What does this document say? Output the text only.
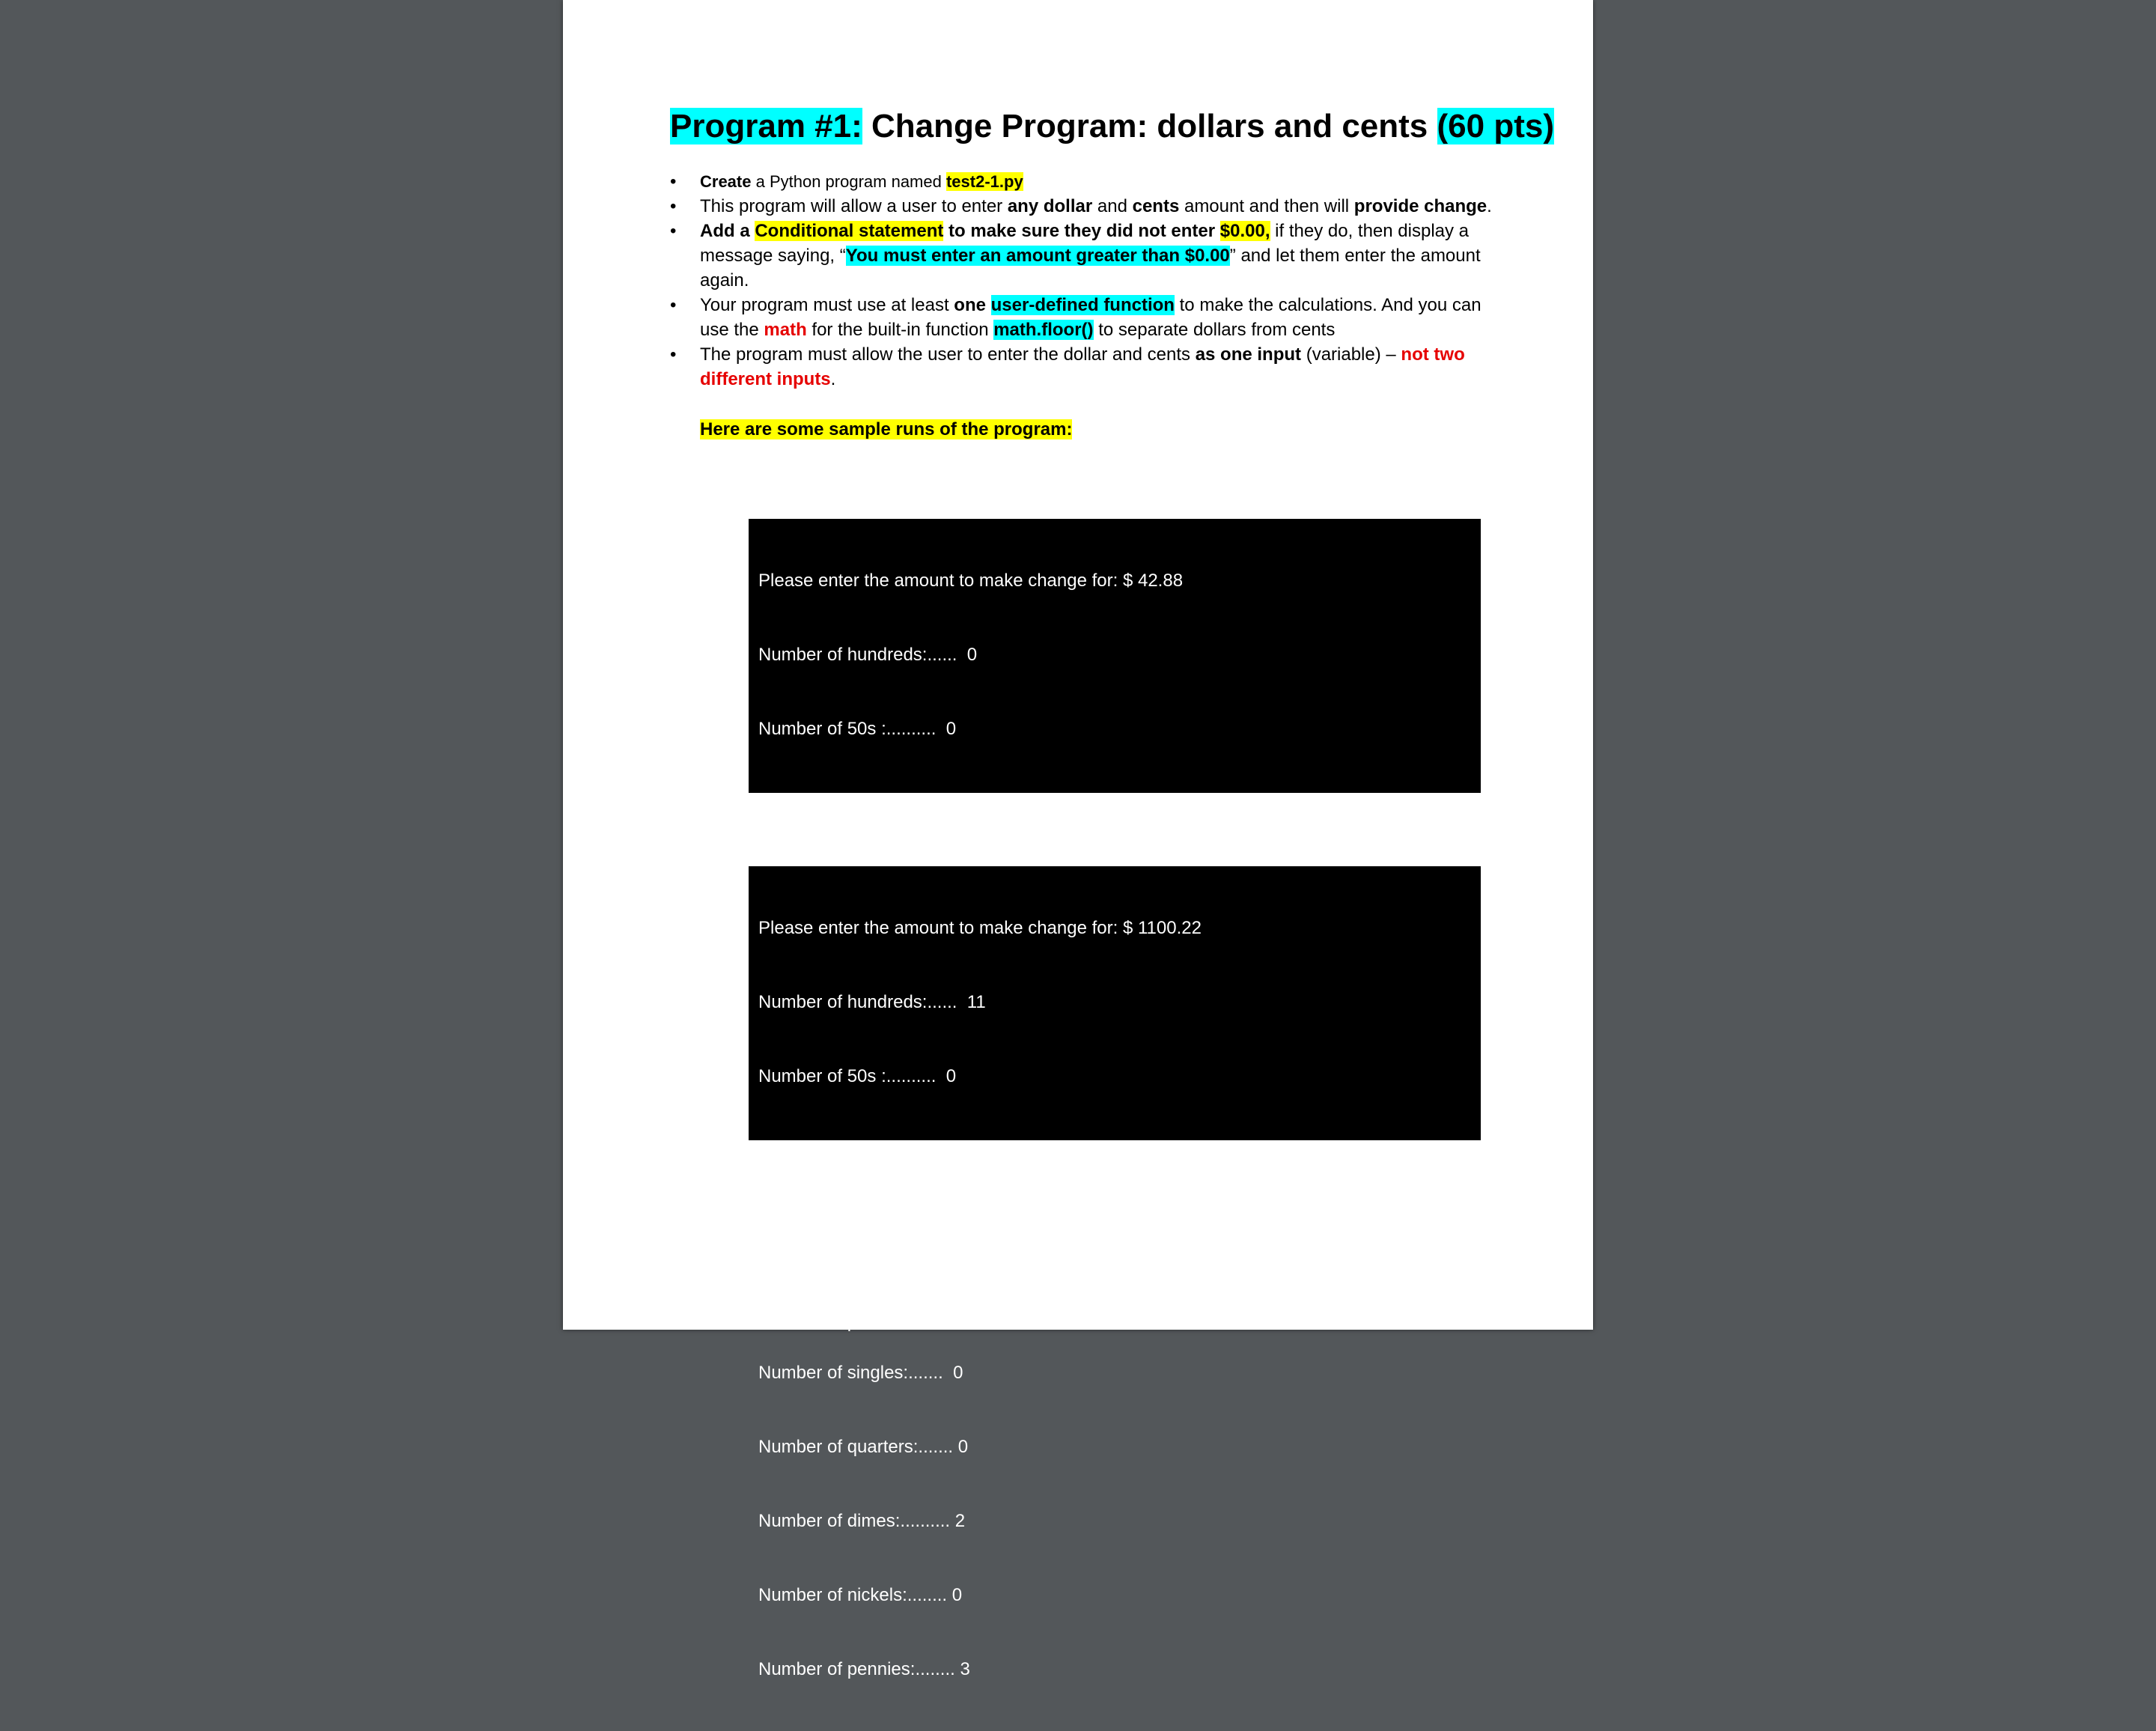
Program #1: Change Program: dollars and cents (60 pts)
• Create a Python program named test2-1.py
• This program will allow a user to enter any dollar and cents amount and then will provide change.
• Add a Conditional statement to make sure they did not enter $0.00, if they do, then display a message saying, “You must enter an amount greater than $0.00” and let them enter the amount again.
• Your program must use at least one user-defined function to make the calculations. And you can use the math for the built-in function math.floor() to separate dollars from cents
• The program must allow the user to enter the dollar and cents as one input (variable) – not two different inputs.
Here are some sample runs of the program:

Please enter the amount to make change for: $ 42.88

Number of hundreds:......  0

Number of 50s :..........  0

Number of 20s:...........  2

Number of dimes:.......... 1

Number of nickels:........ 0

Number of pennies:........ 4

Please enter the amount to make change for: $ 1100.22

Number of hundreds:......  11

Number of 50s :..........  0

Number of 20s:...........  0

Number of tens:..........  0

Number of fives:.........  0

Number of singles:.......  0

Number of quarters:....... 0

Number of dimes:.......... 2

Number of nickels:........ 0

Number of pennies:........ 3
